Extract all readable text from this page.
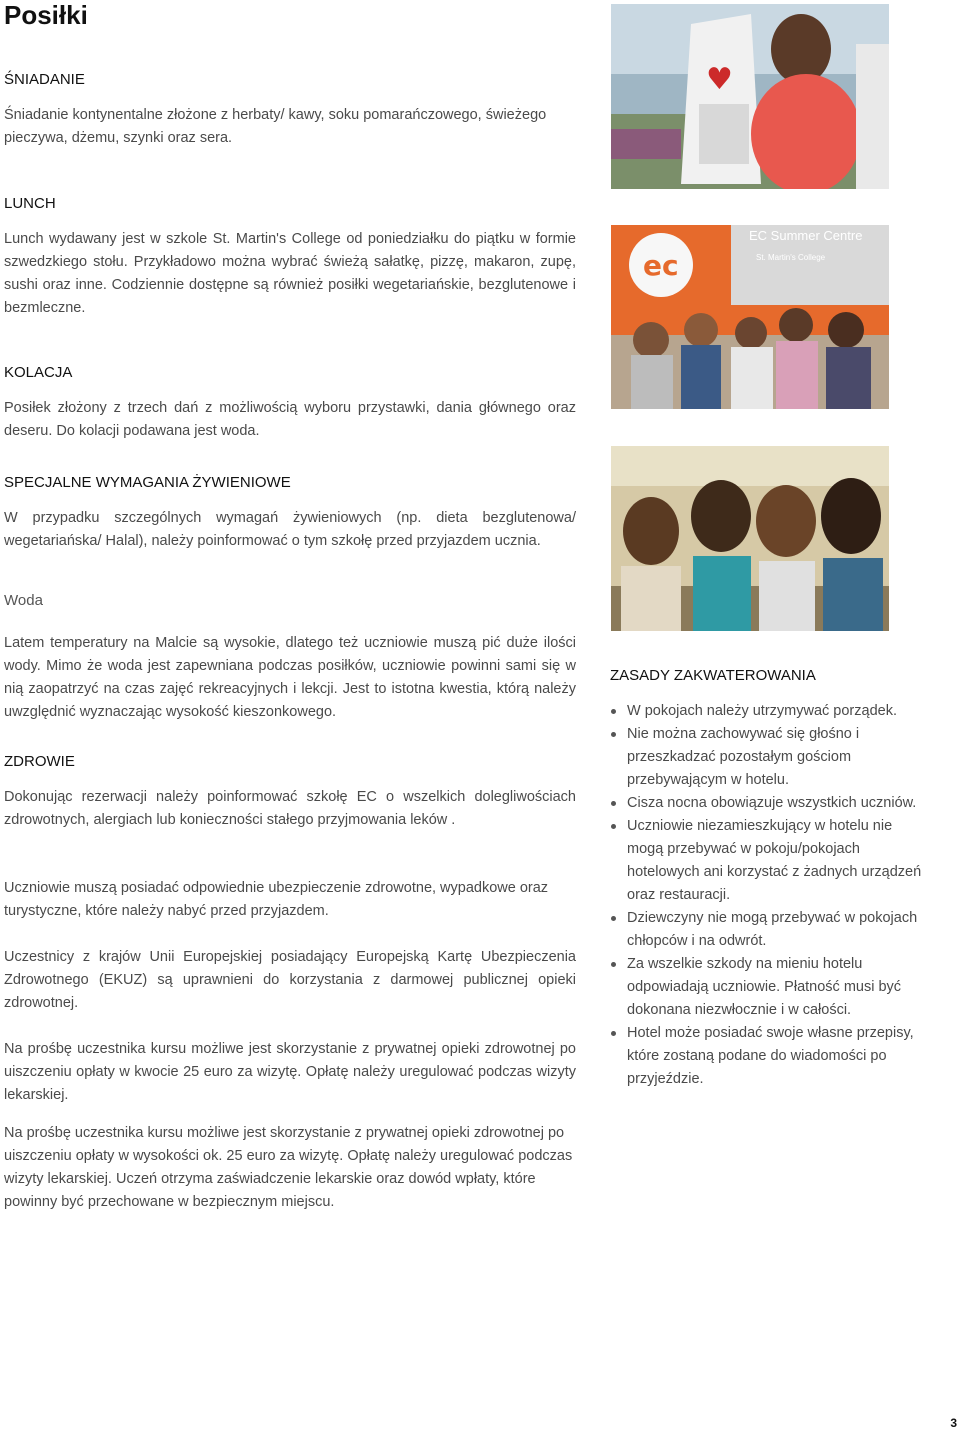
Posiłki
ŚNIADANIE

Śniadanie kontynentalne złożone z herbaty/ kawy, soku pomarańczowego, świeżego pieczywa, dżemu, szynki oraz sera.

LUNCH

Lunch wydawany jest w szkole St. Martin's College od poniedziałku do piątku w formie szwedzkiego stołu. Przykładowo można wybrać świeżą sałatkę, pizzę, makaron, zupę, sushi oraz inne. Codziennie dostępne są również posiłki wegetariańskie, bezglutenowe i bezmleczne.

KOLACJA

Posiłek złożony z trzech dań z możliwością wyboru przystawki, dania głównego oraz deseru. Do kolacji podawana jest woda.

SPECJALNE WYMAGANIA ŻYWIENIOWE

W przypadku szczególnych wymagań żywieniowych (np. dieta bezglutenowa/ wegetariańska/ Halal), należy poinformować o tym szkołę przed przyjazdem ucznia.

Woda

Latem temperatury na Malcie są wysokie, dlatego też uczniowie muszą pić duże ilości wody. Mimo że woda jest zapewniana podczas posiłków, uczniowie powinni sami się w nią zaopatrzyć na czas zajęć rekreacyjnych i lekcji. Jest to istotna kwestia, którą należy uwzględnić wyznaczając wysokość kieszonkowego.

ZDROWIE

Dokonując rezerwacji należy poinformować szkołę EC o wszelkich dolegliwościach zdrowotnych, alergiach lub konieczności stałego przyjmowania leków .

Uczniowie muszą posiadać odpowiednie ubezpieczenie zdrowotne, wypadkowe oraz turystyczne, które należy nabyć przed przyjazdem.

Uczestnicy z krajów Unii Europejskiej posiadający Europejską Kartę Ubezpieczenia Zdrowotnego (EKUZ) są uprawnieni do korzystania z darmowej publicznej opieki zdrowotnej.

Na prośbę uczestnika kursu możliwe jest skorzystanie z prywatnej opieki zdrowotnej po uiszczeniu opłaty w kwocie 25 euro za wizytę. Opłatę należy uregulować podczas wizyty lekarskiej.

Na prośbę uczestnika kursu możliwe jest skorzystanie z prywatnej opieki zdrowotnej po uiszczeniu opłaty w wysokości ok. 25 euro za wizytę. Opłatę należy uregulować podczas wizyty lekarskiej. Uczeń otrzyma zaświadczenie lekarskie oraz dowód wpłaty, które powinny być przechowane w bezpiecznym miejscu.

♥
ec
EC Summer Centre
St. Martin's College
ZASADY ZAKWATEROWANIA
W pokojach należy utrzymywać porządek.
Nie można zachowywać się głośno i przeszkadzać pozostałym gościom przebywającym w hotelu.
Cisza nocna obowiązuje wszystkich uczniów.
Uczniowie niezamieszkujący w hotelu nie mogą przebywać w pokoju/pokojach hotelowych ani korzystać z żadnych urządzeń oraz restauracji.
Dziewczyny nie mogą przebywać w pokojach chłopców i na odwrót.
Za wszelkie szkody na mieniu hotelu odpowiadają uczniowie. Płatność musi być dokonana niezwłocznie i w całości.
Hotel może posiadać swoje własne przepisy, które zostaną podane do wiadomości po przyjeździe.
3
